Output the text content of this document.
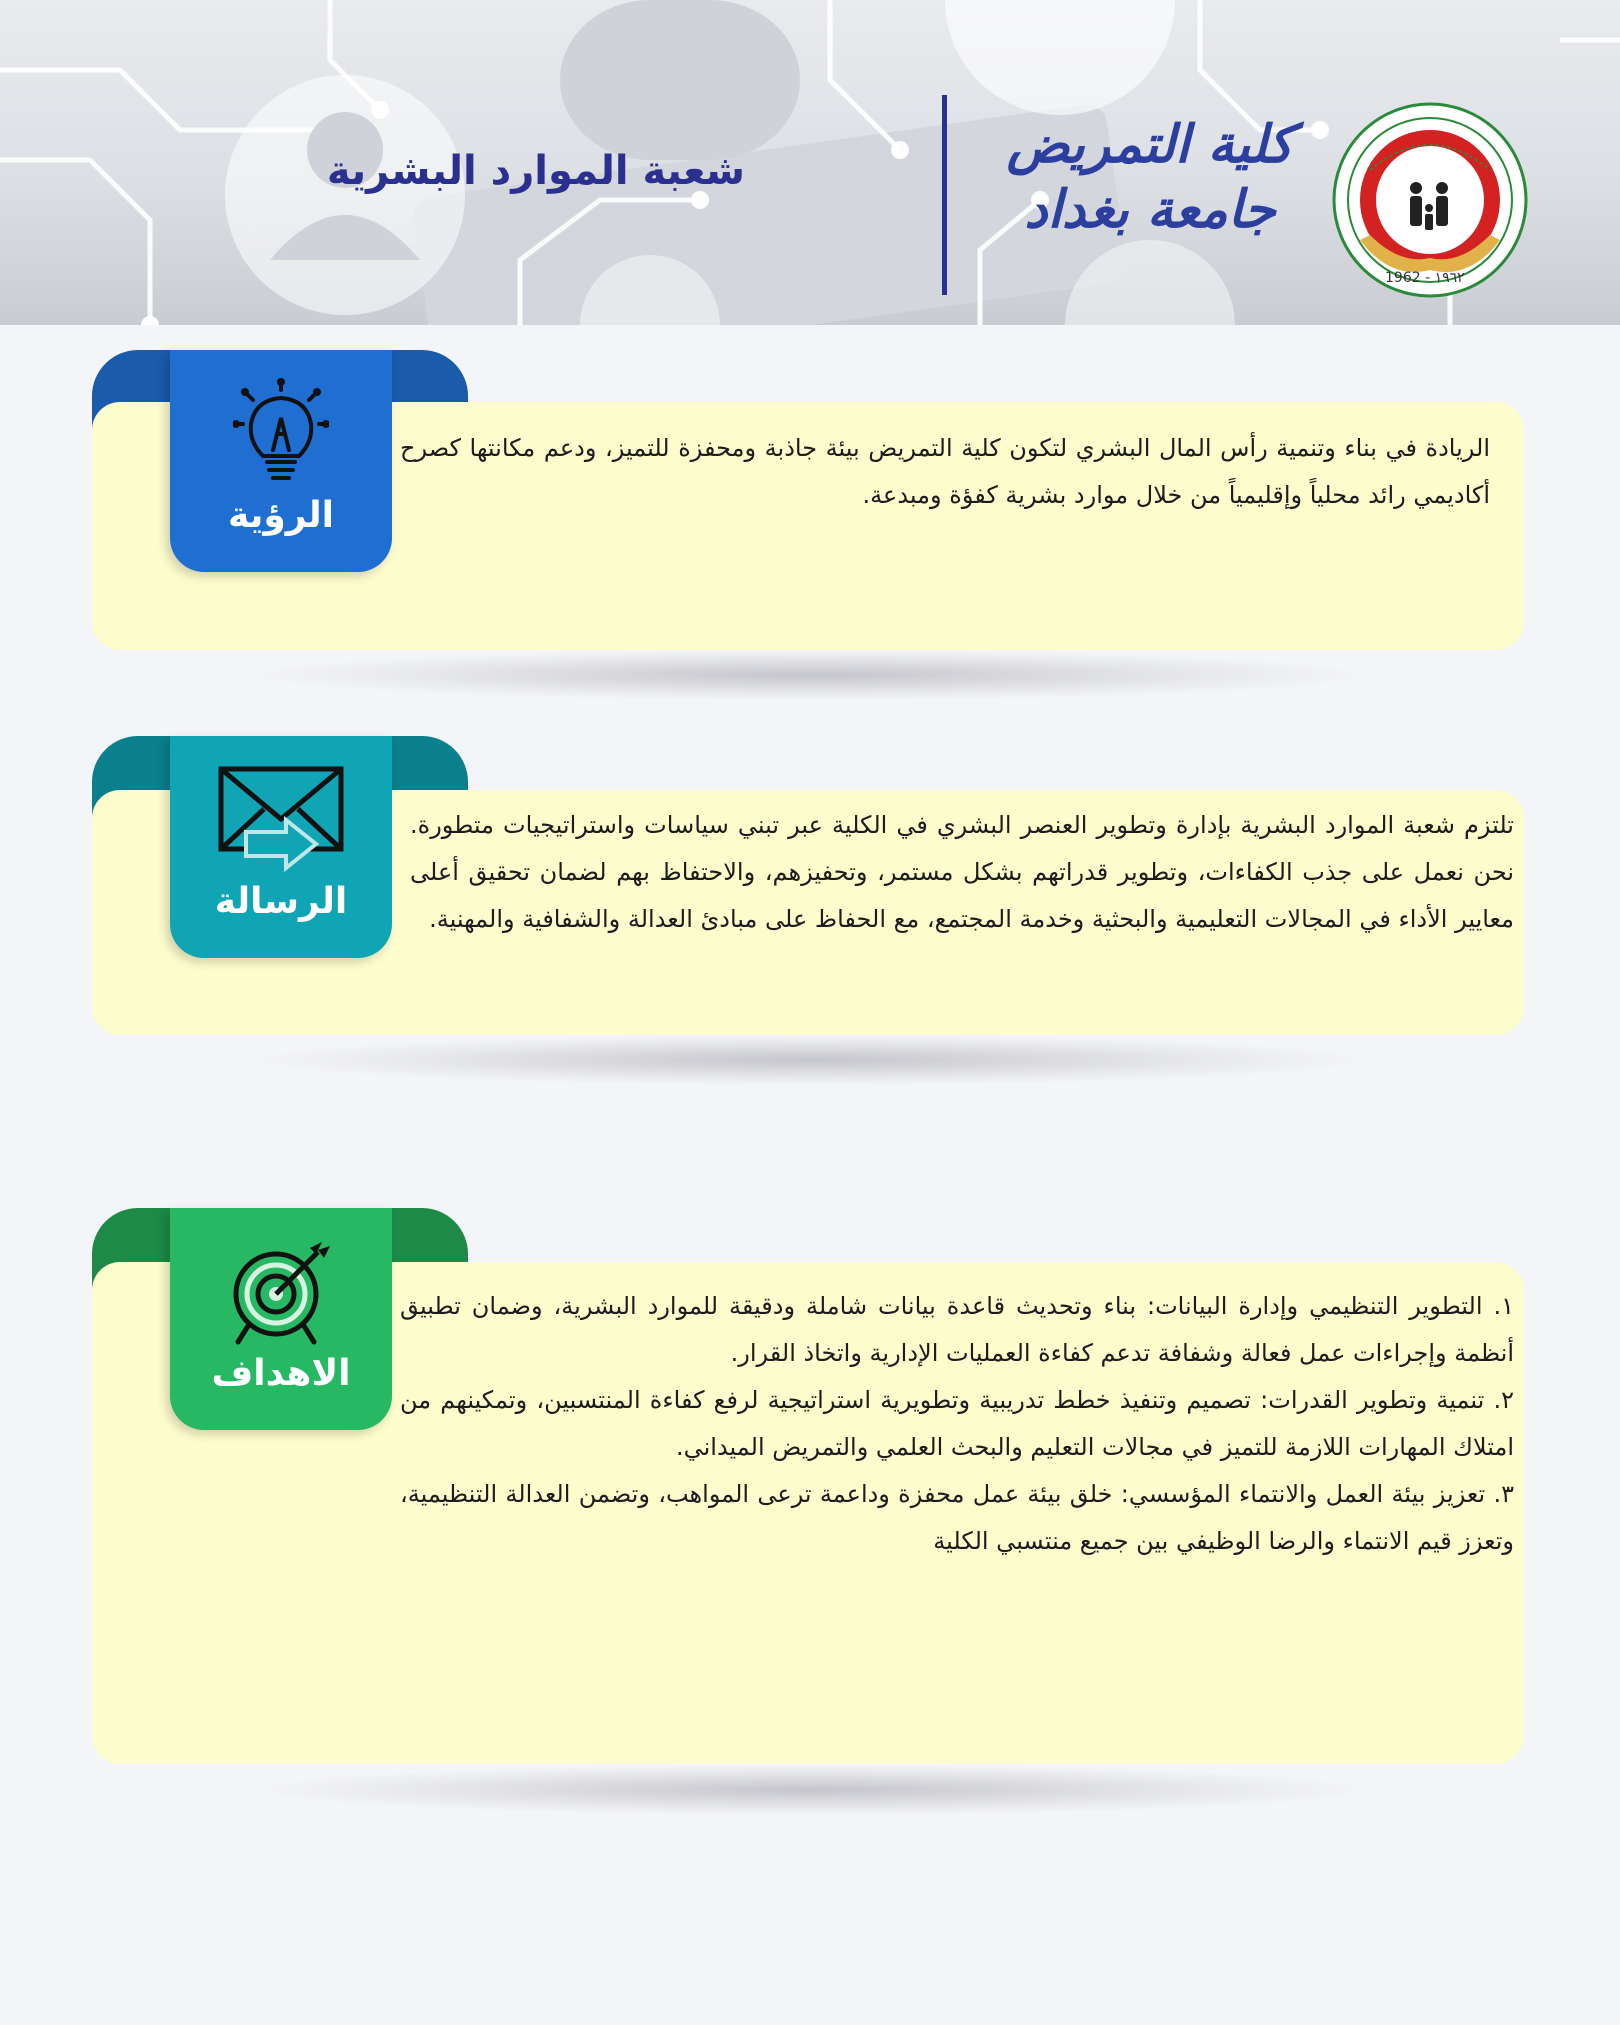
شعبة الموارد البشرية	كلية التمريض
جامعة بغداد
1962 - ١٩٦٢
الرؤية
الريادة في بناء وتنمية رأس المال البشري لتكون كلية التمريض بيئة جاذبة ومحفزة للتميز، ودعم مكانتها كصرح أكاديمي رائد محلياً وإقليمياً من خلال موارد بشرية كفؤة ومبدعة.
الرسالة
تلتزم شعبة الموارد البشرية بإدارة وتطوير العنصر البشري في الكلية عبر تبني سياسات واستراتيجيات متطورة. نحن نعمل على جذب الكفاءات، وتطوير قدراتهم بشكل مستمر، وتحفيزهم، والاحتفاظ بهم لضمان تحقيق أعلى معايير الأداء في المجالات التعليمية والبحثية وخدمة المجتمع، مع الحفاظ على مبادئ العدالة والشفافية والمهنية.
الاهداف

١. التطوير التنظيمي وإدارة البيانات: بناء وتحديث قاعدة بيانات شاملة ودقيقة للموارد البشرية، وضمان تطبيق أنظمة وإجراءات عمل فعالة وشفافة تدعم كفاءة العمليات الإدارية واتخاذ القرار.

٢. تنمية وتطوير القدرات: تصميم وتنفيذ خطط تدريبية وتطويرية استراتيجية لرفع كفاءة المنتسبين، وتمكينهم من امتلاك المهارات اللازمة للتميز في مجالات التعليم والبحث العلمي والتمريض الميداني.

٣. تعزيز بيئة العمل والانتماء المؤسسي: خلق بيئة عمل محفزة وداعمة ترعى المواهب، وتضمن العدالة التنظيمية، وتعزز قيم الانتماء والرضا الوظيفي بين جميع منتسبي الكلية
